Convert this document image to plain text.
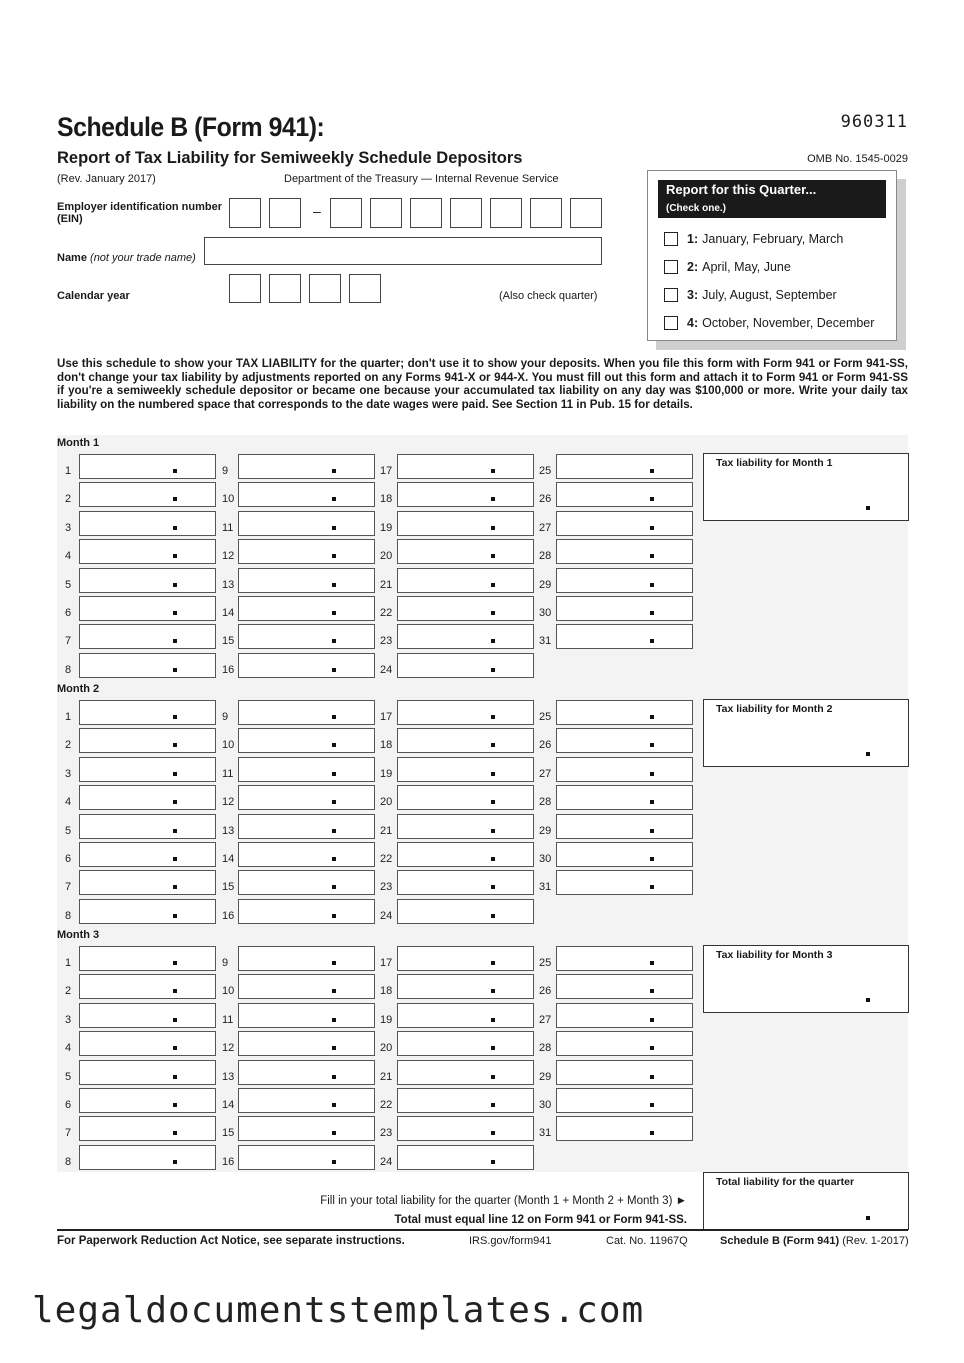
Schedule B (Form 941):	960311
Report of Tax Liability for Semiweekly Schedule Depositors	OMB No. 1545-0029
(Rev. January 2017)	Department of the Treasury — Internal Revenue Service
Employer identification number
(EIN)	–
Name (not your trade name)
Calendar year	(Also check quarter)
Report for this Quarter...
(Check one.)
1: January, February, March
2: April, May, June
3: July, August, September
4: October, November, December
Use this schedule to show your TAX LIABILITY for the quarter; don't use it to show your deposits. When you file this form with Form 941 or Form 941-SS, don't change your tax liability by adjustments reported on any Forms 941-X or 944-X. You must fill out this form and attach it to Form 941 or Form 941-SS if you're a semiweekly schedule depositor or became one because your accumulated tax liability on any day was $100,000 or more. Write your daily tax liability on the numbered space that corresponds to the date wages were paid. See Section 11 in Pub. 15 for details.
Month 1
Month 2
Month 3
Tax liability for Month 1
Tax liability for Month 2
Tax liability for Month 3
1
2
3
4
5
6
7
8
9
10
11
12
13
14
15
16
17
18
19
20
21
22
23
24
25
26
27
28
29
30
31
1
2
3
4
5
6
7
8
9
10
11
12
13
14
15
16
17
18
19
20
21
22
23
24
25
26
27
28
29
30
31
1
2
3
4
5
6
7
8
9
10
11
12
13
14
15
16
17
18
19
20
21
22
23
24
25
26
27
28
29
30
31
Fill in your total liability for the quarter (Month 1 + Month 2 + Month 3) ►
Total must equal line 12 on Form 941 or Form 941-SS.
Total liability for the quarter
For Paperwork Reduction Act Notice, see separate instructions.	IRS.gov/form941	Cat. No. 11967Q	Schedule B (Form 941) (Rev. 1-2017)
legaldocumentstemplates.com
